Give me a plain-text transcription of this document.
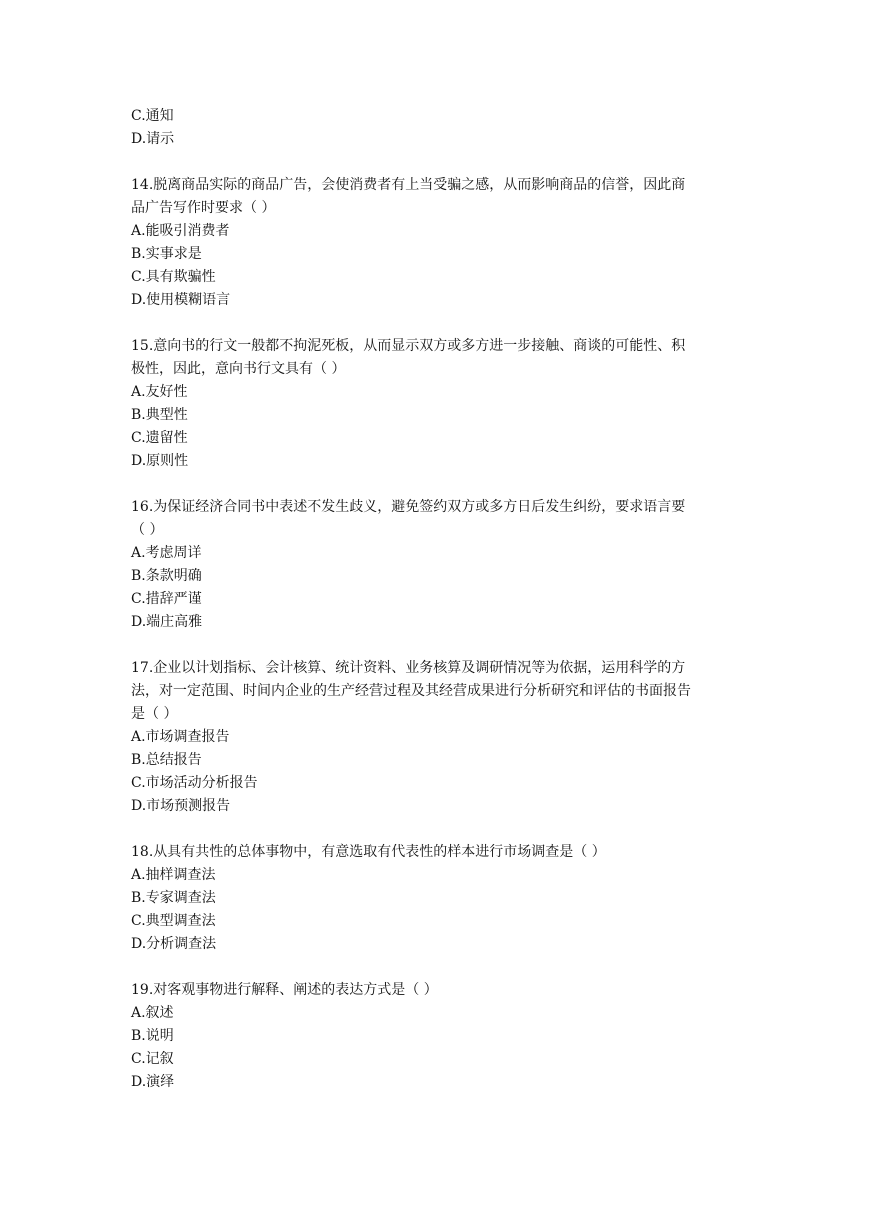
C.通知
D.请示
14.脱离商品实际的商品广告，会使消费者有上当受骗之感，从而影响商品的信誉，因此商
品广告写作时要求（ ）
A.能吸引消费者
B.实事求是
C.具有欺骗性
D.使用模糊语言
15.意向书的行文一般都不拘泥死板，从而显示双方或多方进一步接触、商谈的可能性、积
极性，因此，意向书行文具有（ ）
A.友好性
B.典型性
C.遗留性
D.原则性
16.为保证经济合同书中表述不发生歧义，避免签约双方或多方日后发生纠纷，要求语言要
（ ）
A.考虑周详
B.条款明确
C.措辞严谨
D.端庄高雅
17.企业以计划指标、会计核算、统计资料、业务核算及调研情况等为依据，运用科学的方
法，对一定范围、时间内企业的生产经营过程及其经营成果进行分析研究和评估的书面报告
是（ ）
A.市场调查报告
B.总结报告
C.市场活动分析报告
D.市场预测报告
18.从具有共性的总体事物中，有意选取有代表性的样本进行市场调查是（ ）
A.抽样调查法
B.专家调查法
C.典型调查法
D.分析调查法
19.对客观事物进行解释、阐述的表达方式是（ ）
A.叙述
B.说明
C.记叙
D.演绎
